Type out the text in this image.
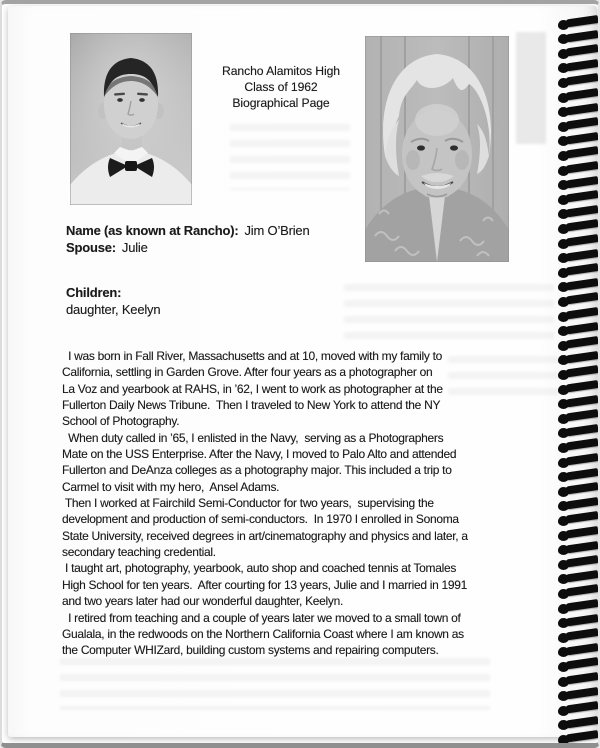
Rancho Alamitos High
Class of 1962
Biographical Page
Name (as known at Rancho): Jim O’Brien
Spouse: Julie
Children:
daughter, Keelyn
I was born in Fall River, Massachusetts and at 10, moved with my family to
California, settling in Garden Grove. After four years as a photographer on
La Voz and yearbook at RAHS, in ’62, I went to work as photographer at the
Fullerton Daily News Tribune.  Then I traveled to New York to attend the NY
School of Photography.
When duty called in ’65, I enlisted in the Navy,  serving as a Photographers
Mate on the USS Enterprise. After the Navy, I moved to Palo Alto and attended
Fullerton and DeAnza colleges as a photography major. This included a trip to
Carmel to visit with my hero,  Ansel Adams.
Then I worked at Fairchild Semi-Conductor for two years,  supervising the
development and production of semi-conductors.  In 1970 I enrolled in Sonoma
State University, received degrees in art/cinematography and physics and later, a
secondary teaching credential.
I taught art, photography, yearbook, auto shop and coached tennis at Tomales
High School for ten years.  After courting for 13 years, Julie and I married in 1991
and two years later had our wonderful daughter, Keelyn.
I retired from teaching and a couple of years later we moved to a small town of
Gualala, in the redwoods on the Northern California Coast where I am known as
the Computer WHIZard, building custom systems and repairing computers.
